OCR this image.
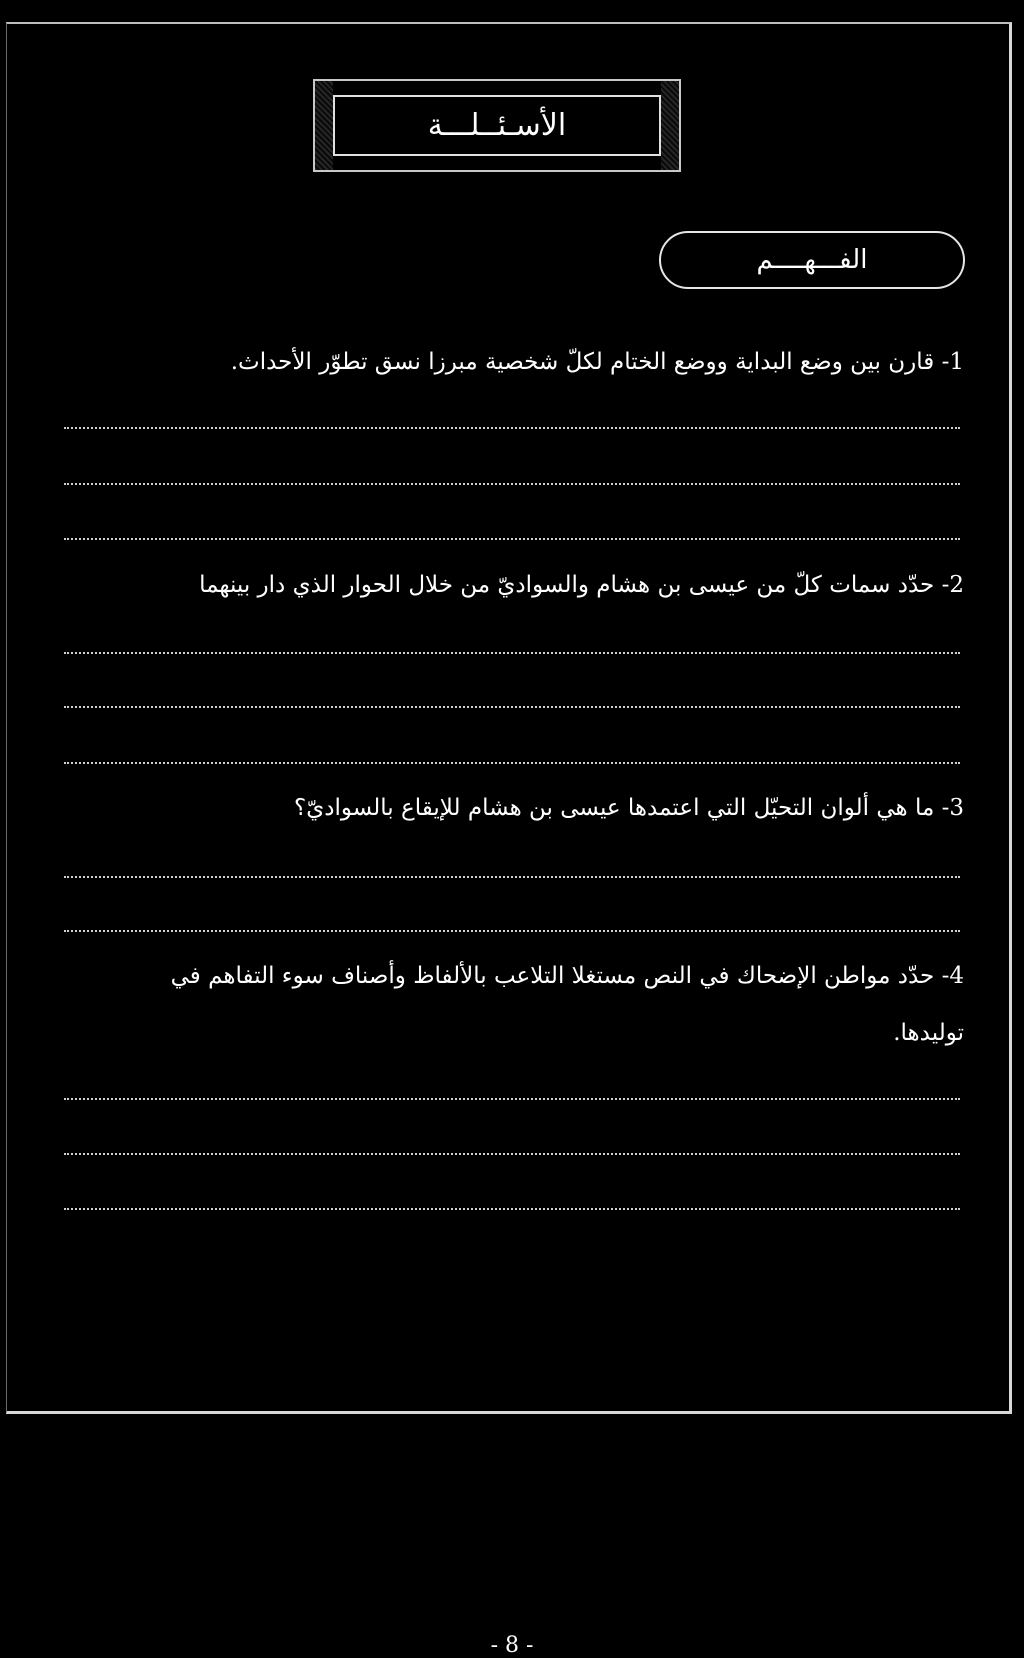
الأسـئــلـــة
الفـــهــــم
1- قارن بين وضع البداية ووضع الختام لكلّ شخصية مبرزا نسق تطوّر الأحداث.
2- حدّد سمات كلّ من عيسى بن هشام والسواديّ من خلال الحوار الذي دار بينهما
3- ما هي ألوان التحيّل التي اعتمدها عيسى بن هشام للإيقاع بالسواديّ؟
4- حدّد مواطن الإضحاك في النص مستغلا التلاعب بالألفاظ وأصناف سوء التفاهم في
توليدها.
- 8 -
